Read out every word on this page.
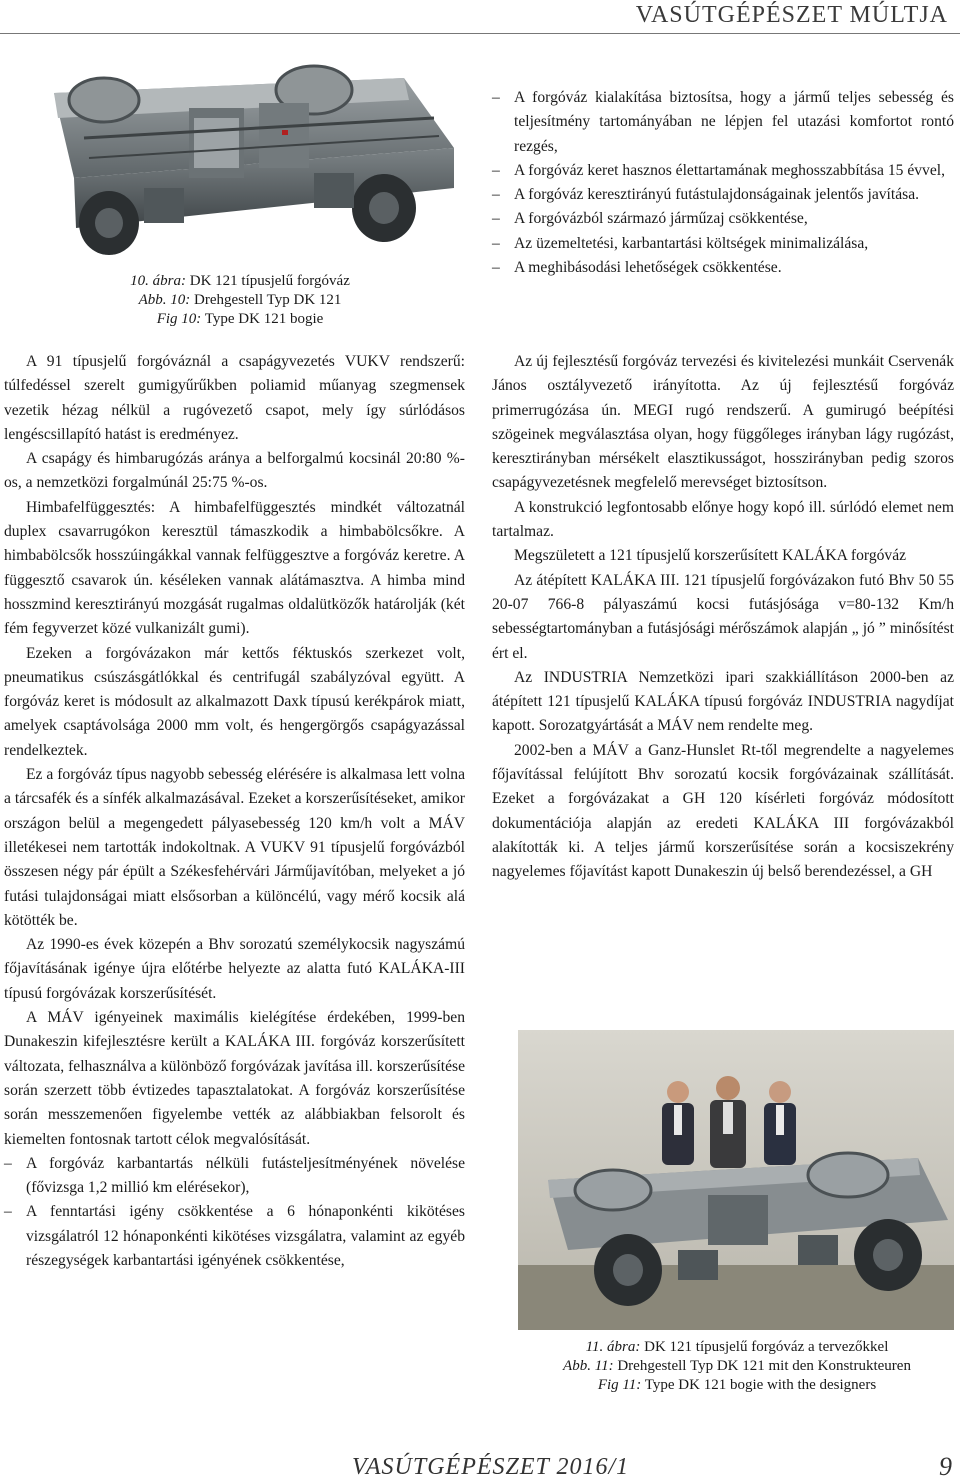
VASÚTGÉPÉSZET MÚLTJA

10. ábra: DK 121 típusjelű forgóváz

Abb. 10: Drehgestell Typ DK 121

Fig 10: Type DK 121 bogie

– A forgóváz kialakítása biztosítsa, hogy a jármű teljes sebesség és teljesítmény tartományában ne lépjen fel utazási komfortot rontó rezgés,

– A forgóváz keret hasznos élettartamának meghosszabbítása 15 évvel,

– A forgóváz keresztirányú futástulajdonságainak jelentős javítása.

– A forgóvázból származó járműzaj csökkentése,

– Az üzemeltetési, karbantartási költségek minimalizálása,

– A meghibásodási lehetőségek csökkentése.

A 91 típusjelű forgóváznál a csapágyvezetés VUKV rendszerű: túlfedéssel szerelt gumigyűrűkben poliamid műanyag szegmensek vezetik hézag nélkül a rugóvezető csapot, mely így súrlódásos lengéscsillapító hatást is eredményez.

A csapágy és himbarugózás aránya a belforgalmú kocsinál 20:80 %-os, a nemzetközi forgalmúnál 25:75 %-os.

Himbafelfüggesztés: A himbafelfüggesztés mindkét változatnál duplex csavarrugókon keresztül támaszkodik a himbabölcsőkre. A himbabölcsők hosszúingákkal vannak felfüggesztve a forgóváz keretre. A függesztő csavarok ún. késéleken vannak alátámasztva. A himba mind hosszmind keresztirányú mozgását rugalmas oldalütközők határolják (két fém fegyverzet közé vulkanizált gumi).

Ezeken a forgóvázakon már kettős féktuskós szerkezet volt, pneumatikus csúszásgátlókkal és centrifugál szabályzóval együtt. A forgóváz keret is módosult az alkalmazott Daxk típusú kerékpárok miatt, amelyek csaptávolsága 2000 mm volt, és hengergörgős csapágyazással rendelkeztek.

Ez a forgóváz típus nagyobb sebesség elérésére is alkalmasa lett volna a tárcsafék és a sínfék alkalmazásával. Ezeket a korszerűsítéseket, amikor országon belül a megengedett pályasebesség 120 km/h volt a MÁV illetékesei nem tartották indokoltnak. A VUKV 91 típusjelű forgóvázból összesen négy pár épült a Székesfehérvári Járműjavítóban, melyeket a jó futási tulajdonságai miatt elsősorban a különcélú, vagy mérő kocsik alá kötötték be.

Az 1990-es évek közepén a Bhv sorozatú személykocsik nagyszámú főjavításának igénye újra előtérbe helyezte az alatta futó KALÁKA-III típusú forgóvázak korszerűsítését.

A MÁV igényeinek maximális kielégítése érdekében, 1999-ben Dunakeszin kifejlesztésre került a KALÁKA III. forgóváz korszerűsített változata, felhasználva a különböző forgóvázak javítása ill. korszerűsítése során szerzett több évtizedes tapasztalatokat. A forgóváz korszerűsítése során messzemenően figyelembe vették az alábbiakban felsorolt és kiemelten fontosnak tartott célok megvalósítását.

– A forgóváz karbantartás nélküli futásteljesítményének növelése (fővizsga 1,2 millió km elérésekor),

– A fenntartási igény csökkentése a 6 hónaponkénti kikötéses vizsgálatról 12 hónaponkénti kikötéses vizsgálatra, valamint az egyéb részegységek karbantartási igényének csökkentése,

Az új fejlesztésű forgóváz tervezési és kivitelezési munkáit Cservenák János osztályvezető irányította. Az új fejlesztésű forgóváz primerrugózása ún. MEGI rugó rendszerű. A gumirugó beépítési szögeinek megválasztása olyan, hogy függőleges irányban lágy rugózást, keresztirányban mérsékelt elasztikusságot, hosszirányban pedig szoros csapágyvezetésnek megfelelő merevséget biztosítson.

A konstrukció legfontosabb előnye hogy kopó ill. súrlódó elemet nem tartalmaz.

Megszületett a 121 típusjelű korszerűsített KALÁKA forgóváz

Az átépített KALÁKA III. 121 típusjelű forgóvázakon futó Bhv 50 55 20-07 766-8 pályaszámú kocsi futásjósága v=80-132 Km/h sebességtartományban a futásjósági mérőszámok alapján „ jó ” minősítést ért el.

Az INDUSTRIA Nemzetközi ipari szakkiállításon 2000-ben az átépített 121 típusjelű KALÁKA típusú forgóváz INDUSTRIA nagydíjat kapott. Sorozatgyártását a MÁV nem rendelte meg.

2002-ben a MÁV a Ganz-Hunslet Rt-től megrendelte a nagyelemes főjavítással felújított Bhv sorozatú kocsik forgóvázainak szállítását. Ezeket a forgóvázakat a GH 120 kísérleti forgóváz módosított dokumentációja alapján az eredeti KALÁKA III forgóvázakból alakították ki. A teljes jármű korszerűsítése során a kocsiszekrény nagyelemes főjavítást kapott Dunakeszin új belső berendezéssel, a GH

11. ábra: DK 121 típusjelű forgóváz a tervezőkkel

Abb. 11: Drehgestell Typ DK 121 mit den Konstrukteuren

Fig 11: Type DK 121 bogie with the designers

VASÚTGÉPÉSZET 2016/1	9
